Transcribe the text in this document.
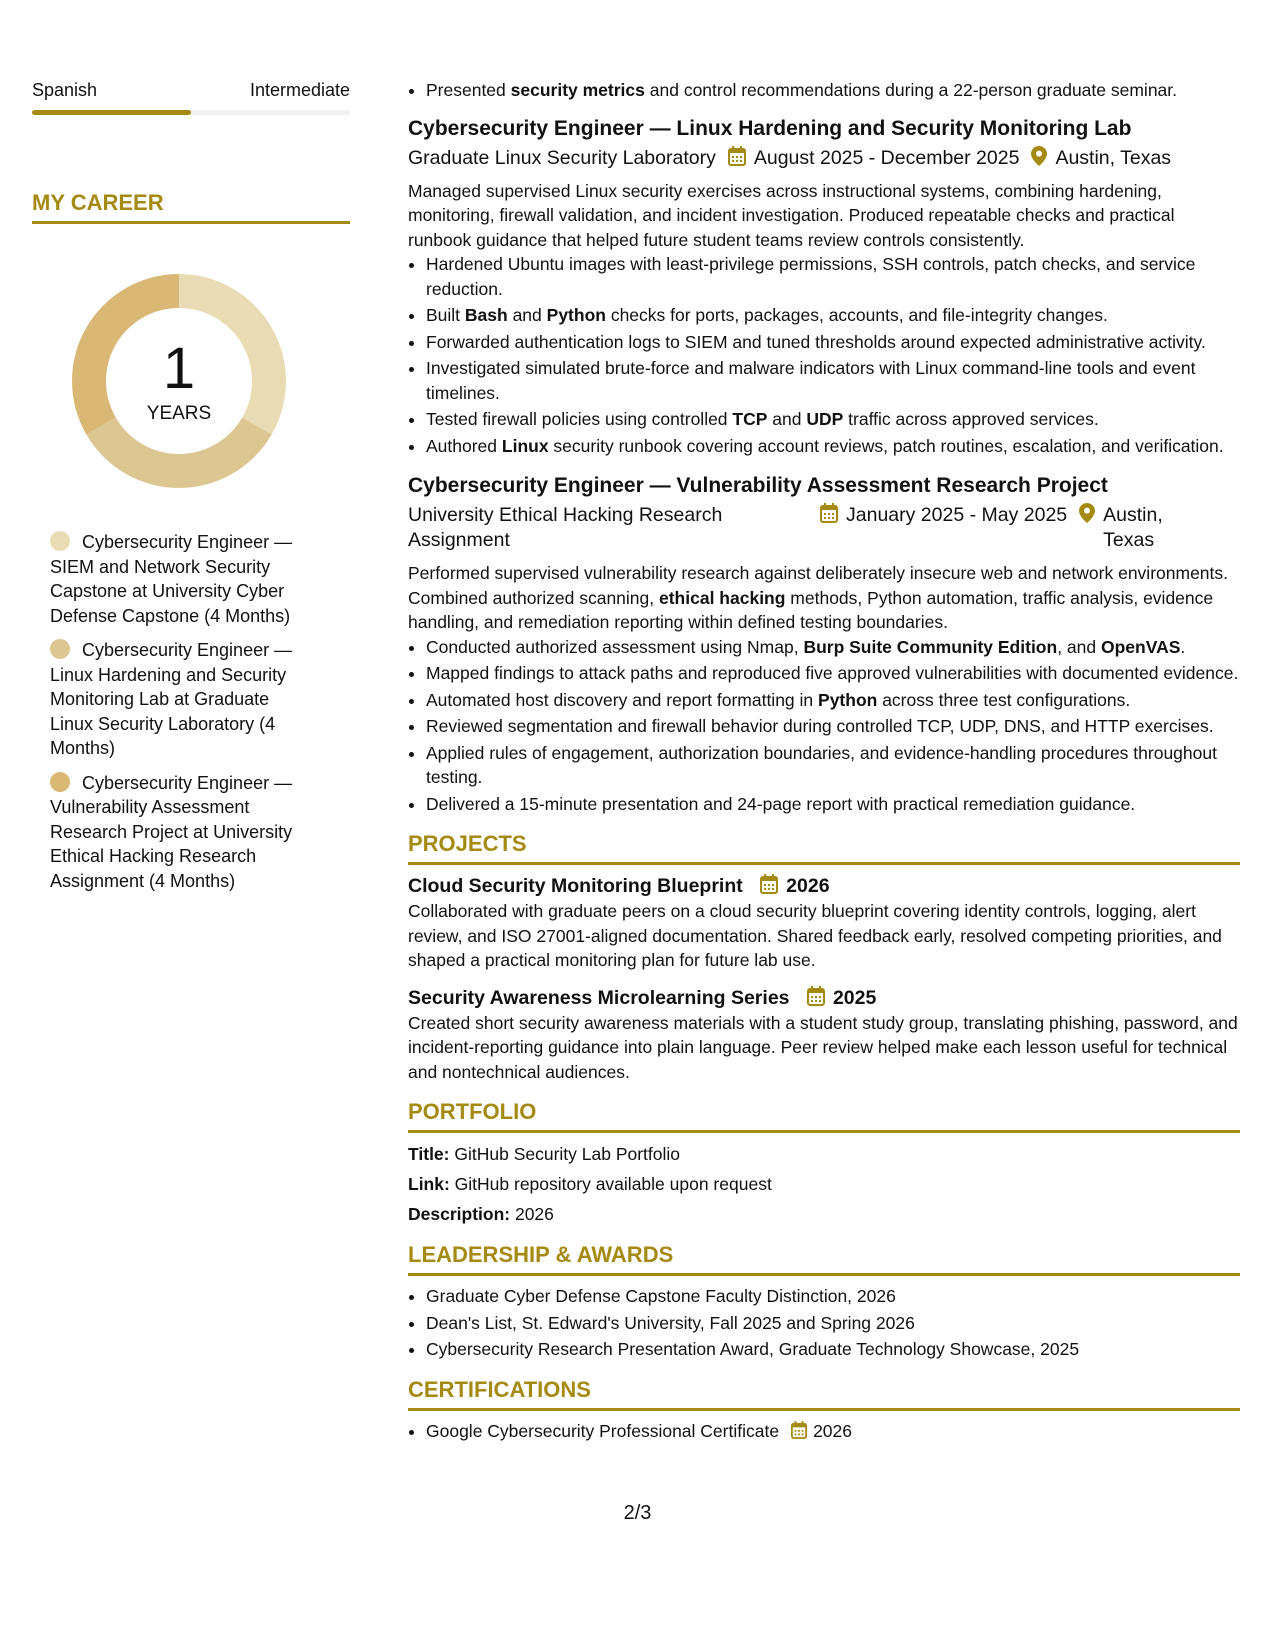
Spanish	Intermediate
MY CAREER
1
YEARS
Cybersecurity Engineer — SIEM and Network Security Capstone at University Cyber Defense Capstone (4 Months)
Cybersecurity Engineer — Linux Hardening and Security Monitoring Lab at Graduate Linux Security Laboratory (4 Months)
Cybersecurity Engineer — Vulnerability Assessment Research Project at University Ethical Hacking Research Assignment (4 Months)
• Presented security metrics and control recommendations during a 22-person graduate seminar.
Cybersecurity Engineer — Linux Hardening and Security Monitoring Lab
Graduate Linux Security Laboratory	August 2025 - December 2025	Austin, Texas
Managed supervised Linux security exercises across instructional systems, combining hardening, monitoring, firewall validation, and incident investigation. Produced repeatable checks and practical runbook guidance that helped future student teams review controls consistently.
• Hardened Ubuntu images with least-privilege permissions, SSH controls, patch checks, and service reduction.
• Built Bash and Python checks for ports, packages, accounts, and file-integrity changes.
• Forwarded authentication logs to SIEM and tuned thresholds around expected administrative activity.
• Investigated simulated brute-force and malware indicators with Linux command-line tools and event timelines.
• Tested firewall policies using controlled TCP and UDP traffic across approved services.
• Authored Linux security runbook covering account reviews, patch routines, escalation, and verification.
Cybersecurity Engineer — Vulnerability Assessment Research Project
University Ethical Hacking Research Assignment
January 2025 - May 2025 Austin, Texas
Performed supervised vulnerability research against deliberately insecure web and network environments. Combined authorized scanning, ethical hacking methods, Python automation, traffic analysis, evidence handling, and remediation reporting within defined testing boundaries.
• Conducted authorized assessment using Nmap, Burp Suite Community Edition, and OpenVAS.
• Mapped findings to attack paths and reproduced five approved vulnerabilities with documented evidence.
• Automated host discovery and report formatting in Python across three test configurations.
• Reviewed segmentation and firewall behavior during controlled TCP, UDP, DNS, and HTTP exercises.
• Applied rules of engagement, authorization boundaries, and evidence-handling procedures throughout testing.
• Delivered a 15-minute presentation and 24-page report with practical remediation guidance.
PROJECTS
Cloud Security Monitoring Blueprint 2026
Collaborated with graduate peers on a cloud security blueprint covering identity controls, logging, alert review, and ISO 27001-aligned documentation. Shared feedback early, resolved competing priorities, and shaped a practical monitoring plan for future lab use.
Security Awareness Microlearning Series 2025
Created short security awareness materials with a student study group, translating phishing, password, and incident-reporting guidance into plain language. Peer review helped make each lesson useful for technical and nontechnical audiences.
PORTFOLIO
Title: GitHub Security Lab Portfolio
Link: GitHub repository available upon request
Description: 2026
LEADERSHIP & AWARDS
• Graduate Cyber Defense Capstone Faculty Distinction, 2026
• Dean's List, St. Edward's University, Fall 2025 and Spring 2026
• Cybersecurity Research Presentation Award, Graduate Technology Showcase, 2025
CERTIFICATIONS
• Google Cybersecurity Professional Certificate 2026
2/3
